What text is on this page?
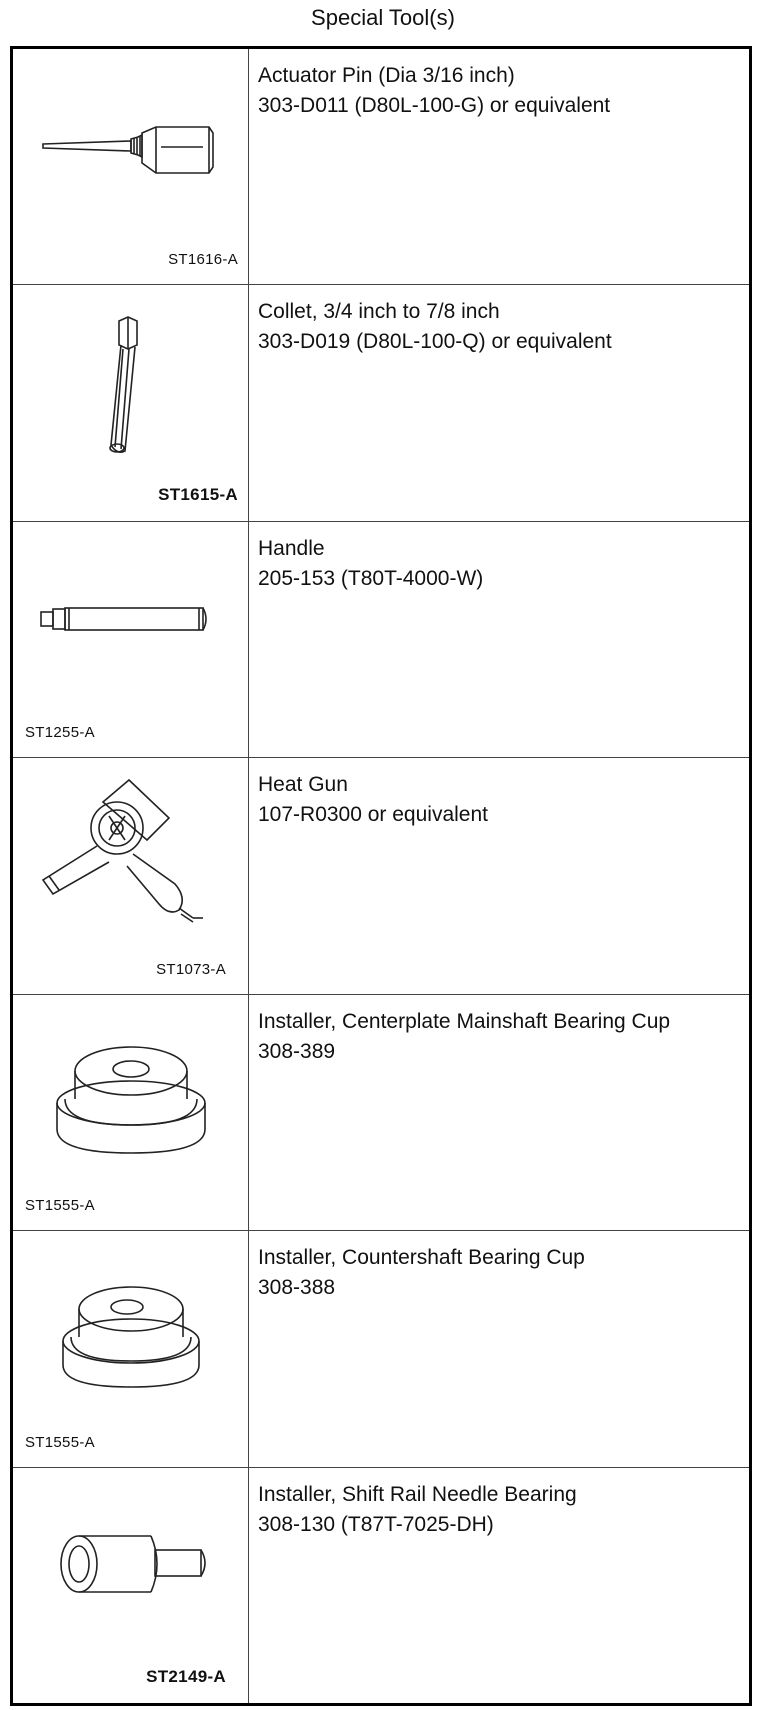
Special Tool(s)
ST1616-A
Actuator Pin (Dia 3/16 inch)
303-D011 (D80L-100-G) or equivalent
ST1615-A
Collet, 3/4 inch to 7/8 inch
303-D019 (D80L-100-Q) or equivalent
ST1255-A
Handle
205-153 (T80T-4000-W)
ST1073-A
Heat Gun
107-R0300 or equivalent
ST1555-A
Installer, Centerplate Mainshaft Bearing Cup
308-389
ST1555-A
Installer, Countershaft Bearing Cup
308-388
ST2149-A
Installer, Shift Rail Needle Bearing
308-130 (T87T-7025-DH)
